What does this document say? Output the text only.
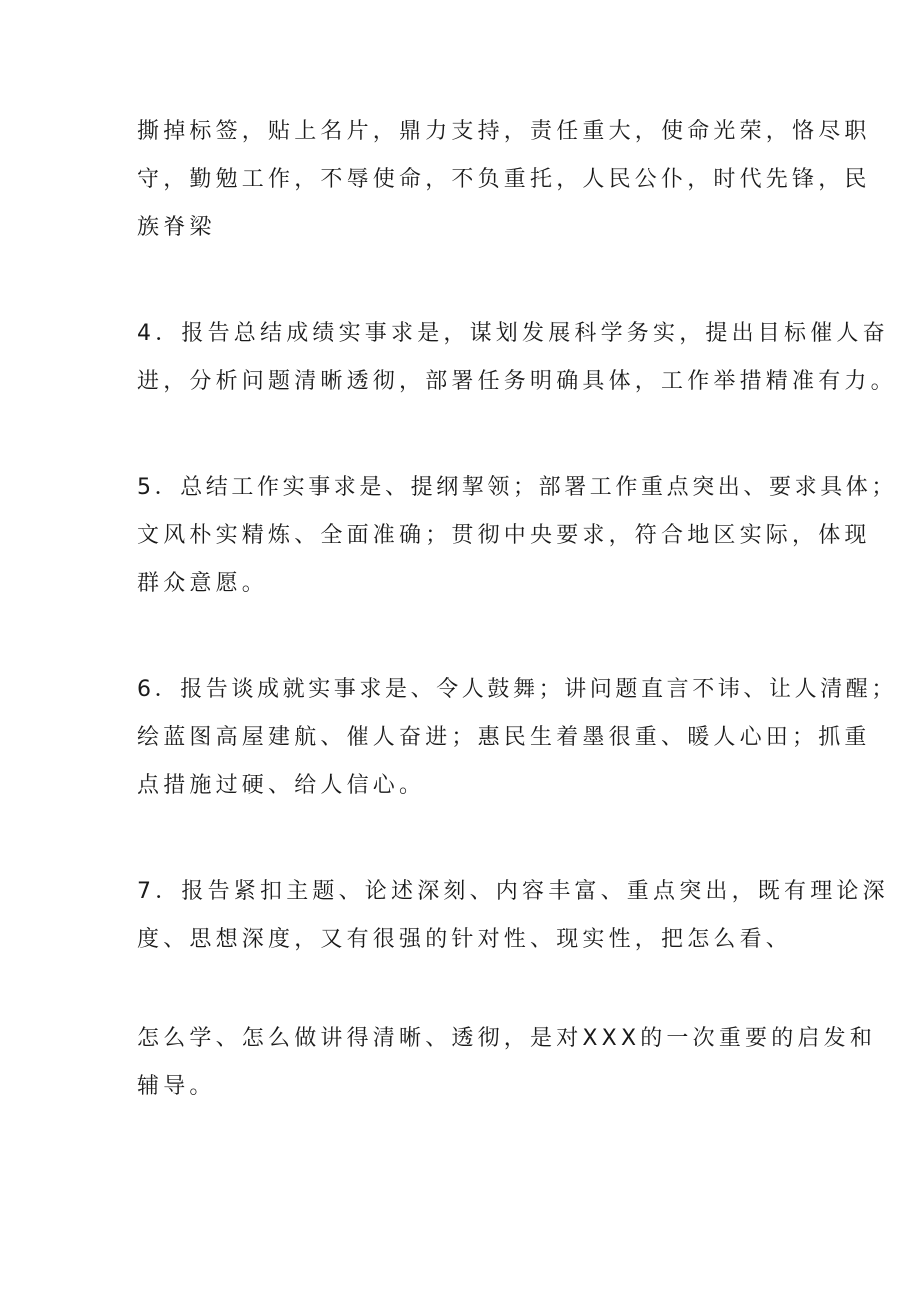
撕掉标签，贴上名片，鼎力支持，责任重大，使命光荣，恪尽职
守，勤勉工作，不辱使命，不负重托，人民公仆，时代先锋，民
族脊梁
4．报告总结成绩实事求是，谋划发展科学务实，提出目标催人奋
进，分析问题清晰透彻，部署任务明确具体，工作举措精准有力。
5．总结工作实事求是、提纲挈领；部署工作重点突出、要求具体；
文风朴实精炼、全面准确；贯彻中央要求，符合地区实际，体现
群众意愿。
6．报告谈成就实事求是、令人鼓舞；讲问题直言不讳、让人清醒；
绘蓝图高屋建航、催人奋进；惠民生着墨很重、暖人心田；抓重
点措施过硬、给人信心。
7．报告紧扣主题、论述深刻、内容丰富、重点突出，既有理论深
度、思想深度，又有很强的针对性、现实性，把怎么看、
怎么学、怎么做讲得清晰、透彻，是对XXX的一次重要的启发和
辅导。
